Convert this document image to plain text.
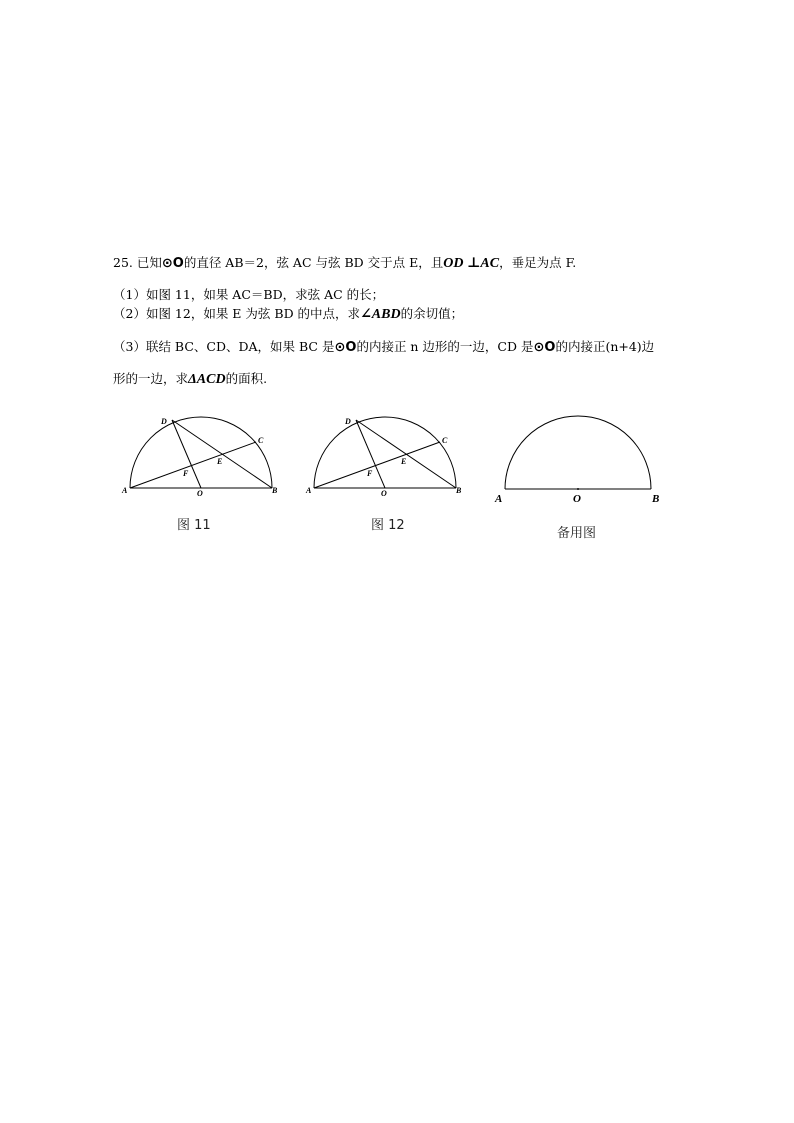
25. 已知⊙O的直径 AB＝2，弦 AC 与弦 BD 交于点 E，且OD ⊥AC，垂足为点 F.
（1）如图 11，如果 AC＝BD，求弦 AC 的长；
（2）如图 12，如果 E 为弦 BD 的中点，求∠ABD的余切值；
（3）联结 BC、CD、DA，如果 BC 是⊙O的内接正 n 边形的一边，CD 是⊙O的内接正(n+4)边
形的一边，求ΔACD的面积.
D
C
E
F
A	O	B
图 11
D
C
E
F
A	O	B
图 12
A	O	B
备用图
